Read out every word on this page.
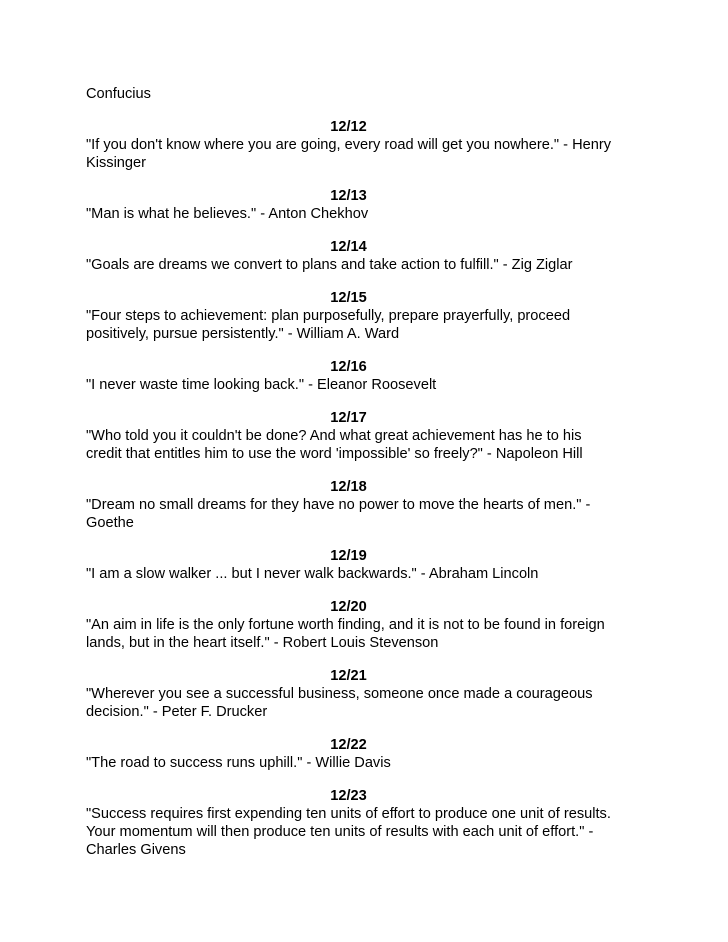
Confucius

12/12

"If you don't know where you are going, every road will get you nowhere." - Henry Kissinger

12/13

"Man is what he believes." - Anton Chekhov

12/14

"Goals are dreams we convert to plans and take action to fulfill." - Zig Ziglar

12/15

"Four steps to achievement: plan purposefully, prepare prayerfully, proceed positively, pursue persistently." - William A. Ward

12/16

"I never waste time looking back." - Eleanor Roosevelt

12/17

"Who told you it couldn't be done? And what great achievement has he to his credit that entitles him to use the word 'impossible' so freely?" - Napoleon Hill

12/18

"Dream no small dreams for they have no power to move the hearts of men." - Goethe

12/19

"I am a slow walker ... but I never walk backwards." - Abraham Lincoln

12/20

"An aim in life is the only fortune worth finding, and it is not to be found in foreign lands, but in the heart itself." - Robert Louis Stevenson

12/21

"Wherever you see a successful business, someone once made a courageous decision." - Peter F. Drucker

12/22

"The road to success runs uphill." - Willie Davis

12/23

"Success requires first expending ten units of effort to produce one unit of results. Your momentum will then produce ten units of results with each unit of effort." - Charles Givens
